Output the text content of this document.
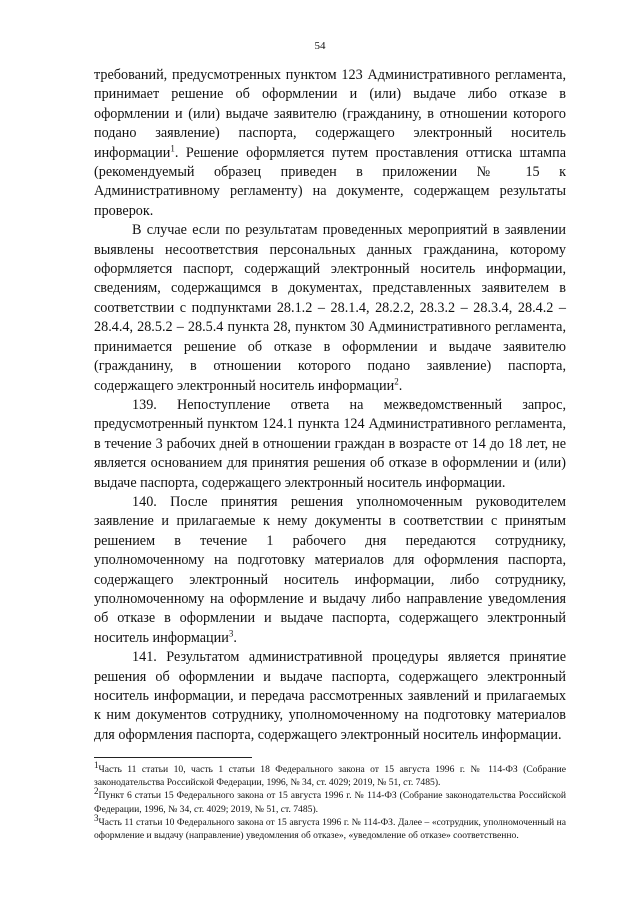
54

требований, предусмотренных пунктом 123 Административного регламента, принимает решение об оформлении и (или) выдаче либо отказе в оформлении и (или) выдаче заявителю (гражданину, в отношении которого подано заявление) паспорта, содержащего электронный носитель информации$^1$. Решение оформляется путем проставления оттиска штампа (рекомендуемый образец приведен в приложении № 15 к Административному регламенту) на документе, содержащем результаты проверок.

В случае если по результатам проведенных мероприятий в заявлении выявлены несоответствия персональных данных гражданина, которому оформляется паспорт, содержащий электронный носитель информации, сведениям, содержащимся в документах, представленных заявителем в соответствии с подпунктами 28.1.2 – 28.1.4, 28.2.2, 28.3.2 – 28.3.4, 28.4.2 – 28.4.4, 28.5.2 – 28.5.4 пункта 28, пунктом 30 Административного регламента, принимается решение об отказе в оформлении и выдаче заявителю (гражданину, в отношении которого подано заявление) паспорта, содержащего электронный носитель информации$^2$.

139. Непоступление ответа на межведомственный запрос, предусмотренный пунктом 124.1 пункта 124 Административного регламента, в течение 3 рабочих дней в отношении граждан в возрасте от 14 до 18 лет, не является основанием для принятия решения об отказе в оформлении и (или) выдаче паспорта, содержащего электронный носитель информации.

140. После принятия решения уполномоченным руководителем заявление и прилагаемые к нему документы в соответствии с принятым решением в течение 1 рабочего дня передаются сотруднику, уполномоченному на подготовку материалов для оформления паспорта, содержащего электронный носитель информации, либо сотруднику, уполномоченному на оформление и выдачу либо направление уведомления об отказе в оформлении и выдаче паспорта, содержащего электронный носитель информации$^3$.

141. Результатом административной процедуры является принятие решения об оформлении и выдаче паспорта, содержащего электронный носитель информации, и передача рассмотренных заявлений и прилагаемых к ним документов сотруднику, уполномоченному на подготовку материалов для оформления паспорта, содержащего электронный носитель информации.

$^1$Часть 11 статьи 10, часть 1 статьи 18 Федерального закона от 15 августа 1996 г. № 114-ФЗ (Собрание законодательства Российской Федерации, 1996, № 34, ст. 4029; 2019, № 51, ст. 7485).

$^2$Пункт 6 статьи 15 Федерального закона от 15 августа 1996 г. № 114-ФЗ (Собрание законодательства Российской Федерации, 1996, № 34, ст. 4029; 2019, № 51, ст. 7485).

$^3$Часть 11 статьи 10 Федерального закона от 15 августа 1996 г. № 114-ФЗ. Далее – «сотрудник, уполномоченный на оформление и выдачу (направление) уведомления об отказе», «уведомление об отказе» соответственно.
